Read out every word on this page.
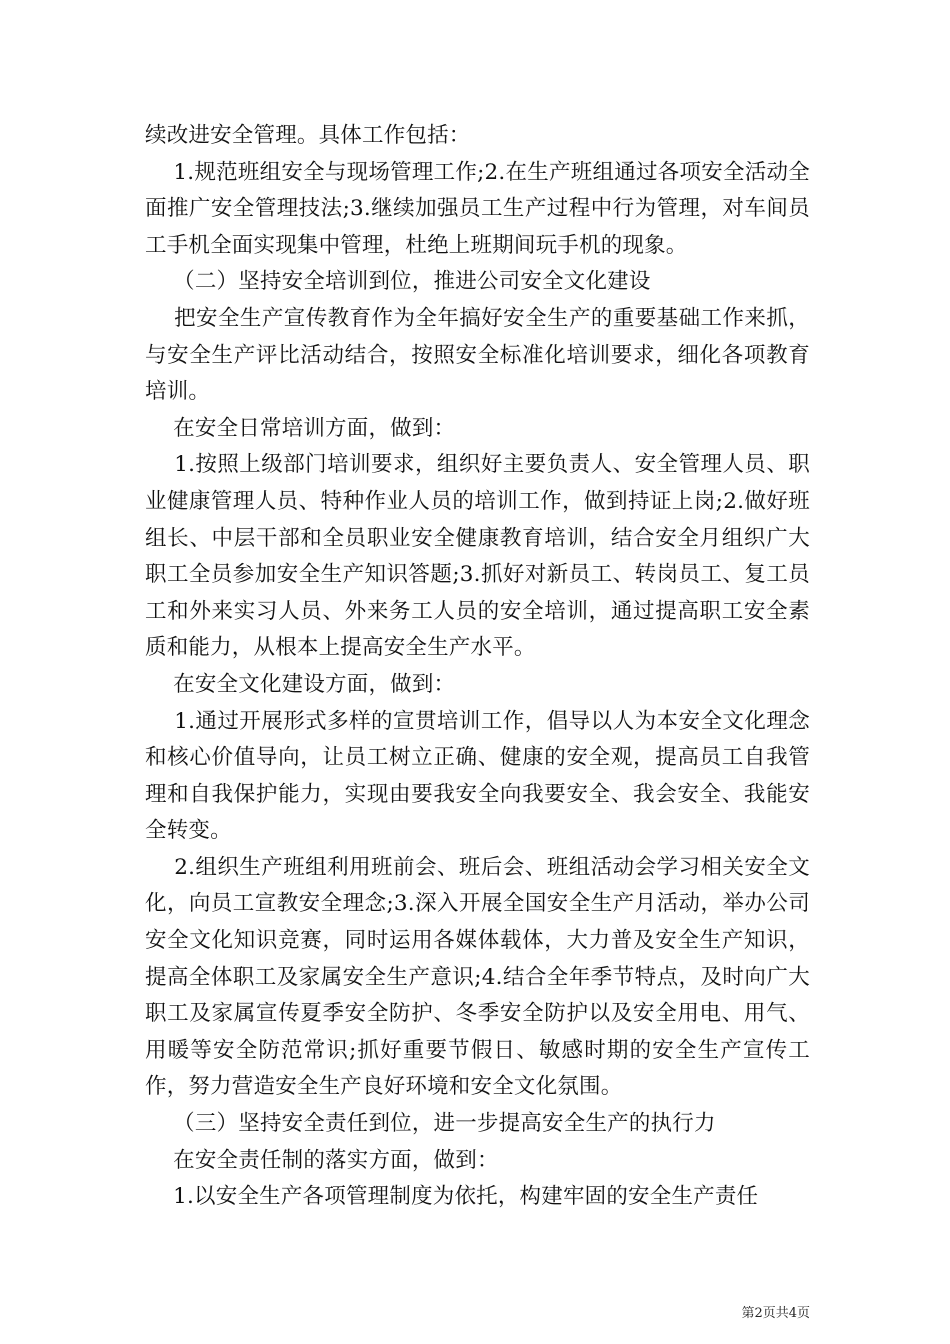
续改进安全管理。具体工作包括：

1.规范班组安全与现场管理工作;2.在生产班组通过各项安全活动全面推广安全管理技法;3.继续加强员工生产过程中行为管理，对车间员工手机全面实现集中管理，杜绝上班期间玩手机的现象。

（二）坚持安全培训到位，推进公司安全文化建设

把安全生产宣传教育作为全年搞好安全生产的重要基础工作来抓，与安全生产评比活动结合，按照安全标准化培训要求，细化各项教育培训。

在安全日常培训方面，做到：

1.按照上级部门培训要求，组织好主要负责人、安全管理人员、职业健康管理人员、特种作业人员的培训工作，做到持证上岗;2.做好班组长、中层干部和全员职业安全健康教育培训，结合安全月组织广大职工全员参加安全生产知识答题;3.抓好对新员工、转岗员工、复工员工和外来实习人员、外来务工人员的安全培训，通过提高职工安全素质和能力，从根本上提高安全生产水平。

在安全文化建设方面，做到：

1.通过开展形式多样的宣贯培训工作，倡导以人为本安全文化理念和核心价值导向，让员工树立正确、健康的安全观，提高员工自我管理和自我保护能力，实现由要我安全向我要安全、我会安全、我能安全转变。

2.组织生产班组利用班前会、班后会、班组活动会学习相关安全文化，向员工宣教安全理念;3.深入开展全国安全生产月活动，举办公司安全文化知识竞赛，同时运用各媒体载体，大力普及安全生产知识，提高全体职工及家属安全生产意识;4.结合全年季节特点，及时向广大职工及家属宣传夏季安全防护、冬季安全防护以及安全用电、用气、用暖等安全防范常识;抓好重要节假日、敏感时期的安全生产宣传工作，努力营造安全生产良好环境和安全文化氛围。

（三）坚持安全责任到位，进一步提高安全生产的执行力

在安全责任制的落实方面，做到：

1.以安全生产各项管理制度为依托，构建牢固的安全生产责任

第2页共4页
